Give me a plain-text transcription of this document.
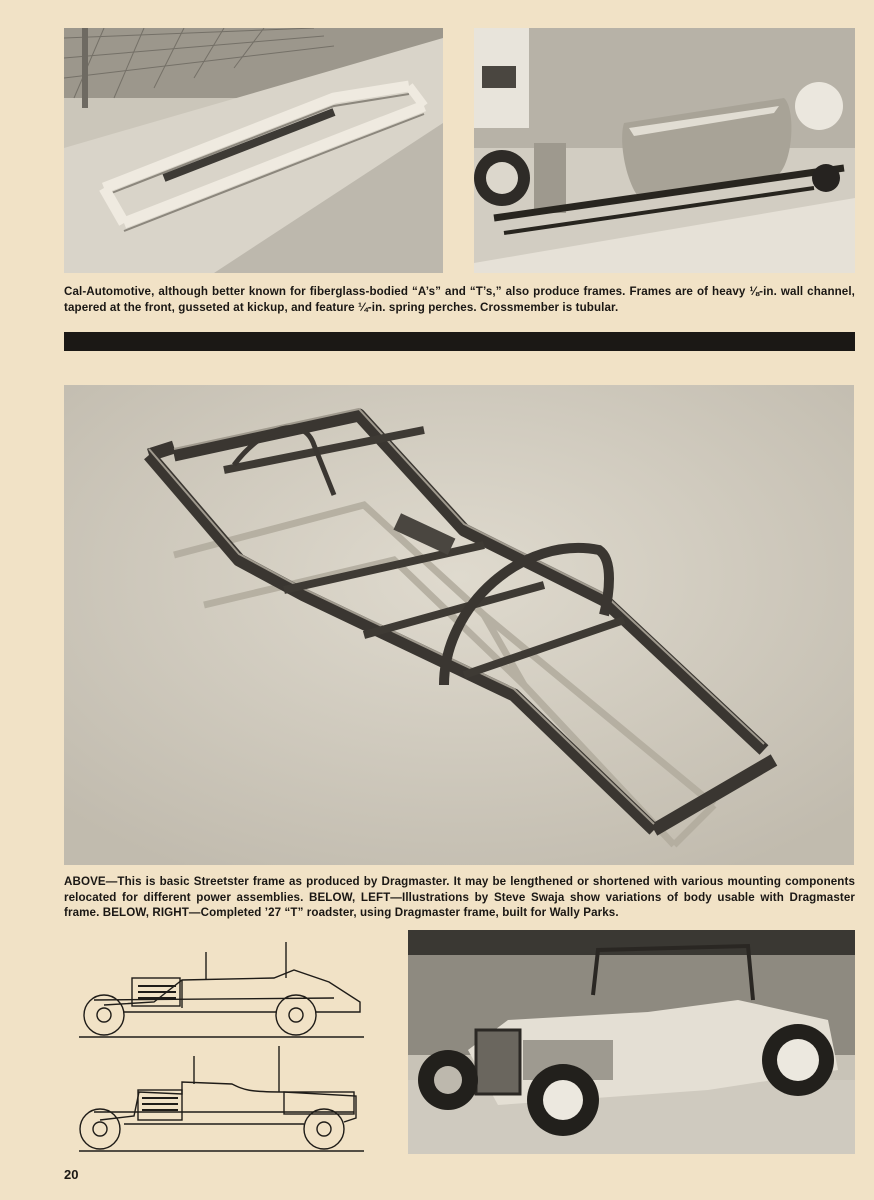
Cal-Automotive, although better known for fiberglass-bodied “A’s” and “T’s,” also produce frames. Frames are of heavy ⅛-in. wall channel, tapered at the front, gusseted at kickup, and feature ¼-in. spring perches. Crossmember is tubular.

ABOVE—This is basic Streetster frame as produced by Dragmaster. It may be lengthened or shortened with various mounting components relocated for different power assemblies. BELOW, LEFT—Illustrations by Steve Swaja show variations of body usable with Dragmaster frame. BELOW, RIGHT—Completed ’27 “T” roadster, using Dragmaster frame, built for Wally Parks.

20
